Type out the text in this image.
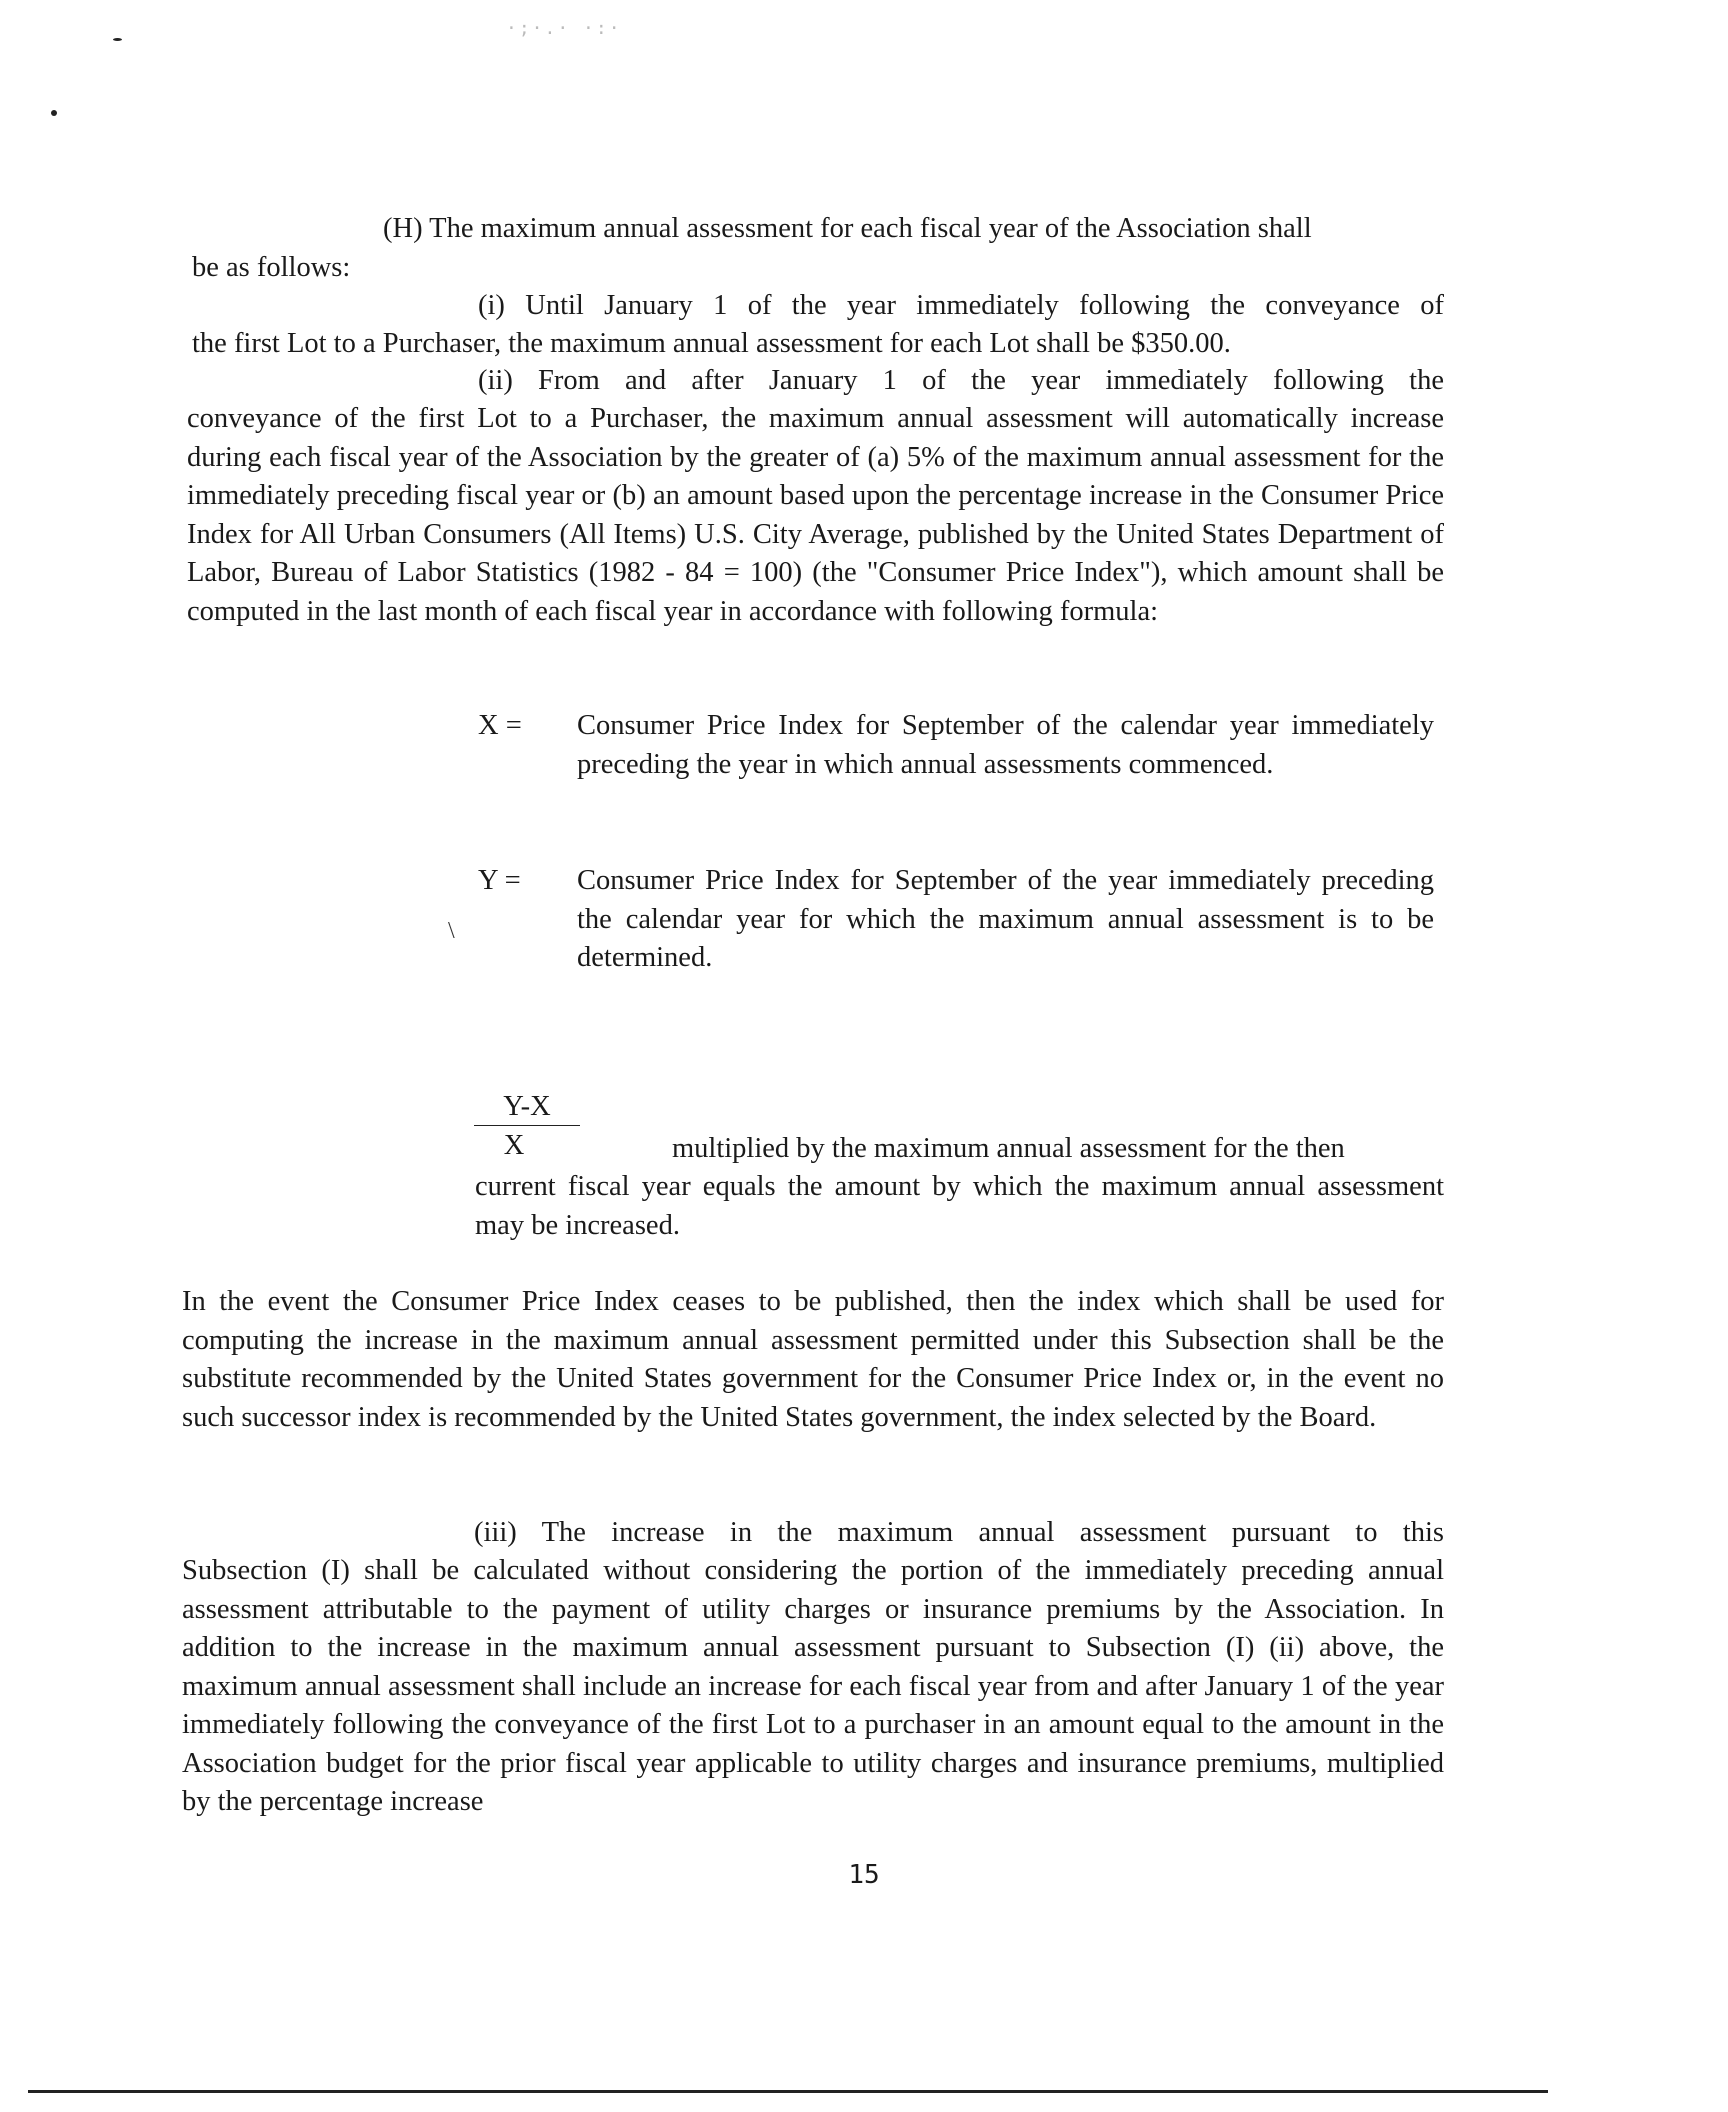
·;·.· ·:·
(H) The maximum annual assessment for each fiscal year of the Association shall
be as follows:
(i) Until January 1 of the year immediately following the conveyance of
the first Lot to a Purchaser, the maximum annual assessment for each Lot shall be $350.00.
(ii) From and after January 1 of the year immediately following the

conveyance of the first Lot to a Purchaser, the maximum annual assessment will automatically increase during each fiscal year of the Association by the greater of (a) 5% of the maximum annual assessment for the immediately preceding fiscal year or (b) an amount based upon the percentage increase in the Consumer Price Index for All Urban Consumers (All Items) U.S. City Average, published by the United States Department of Labor, Bureau of Labor Statistics (1982 - 84 = 100) (the "Consumer Price Index"), which amount shall be computed in the last month of each fiscal year in accordance with following formula:

X = Consumer Price Index for September of the calendar year immediately preceding the year in which annual assessments commenced.
Y =
\
Consumer Price Index for September of the year immediately preceding the calendar year for which the maximum annual assessment is to be determined.
Y-X
X	multiplied by the maximum annual assessment for the then

current fiscal year equals the amount by which the maximum annual assessment may be increased.

In the event the Consumer Price Index ceases to be published, then the index which shall be used for computing the increase in the maximum annual assessment permitted under this Subsection shall be the substitute recommended by the United States government for the Consumer Price Index or, in the event no such successor index is recommended by the United States government, the index selected by the Board.

(iii) The increase in the maximum annual assessment pursuant to this

Subsection (I) shall be calculated without considering the portion of the immediately preceding annual assessment attributable to the payment of utility charges or insurance premiums by the Association. In addition to the increase in the maximum annual assessment pursuant to Subsection (I) (ii) above, the maximum annual assessment shall include an increase for each fiscal year from and after January 1 of the year immediately following the conveyance of the first Lot to a purchaser in an amount equal to the amount in the Association budget for the prior fiscal year applicable to utility charges and insurance premiums, multiplied by the percentage increase

15
